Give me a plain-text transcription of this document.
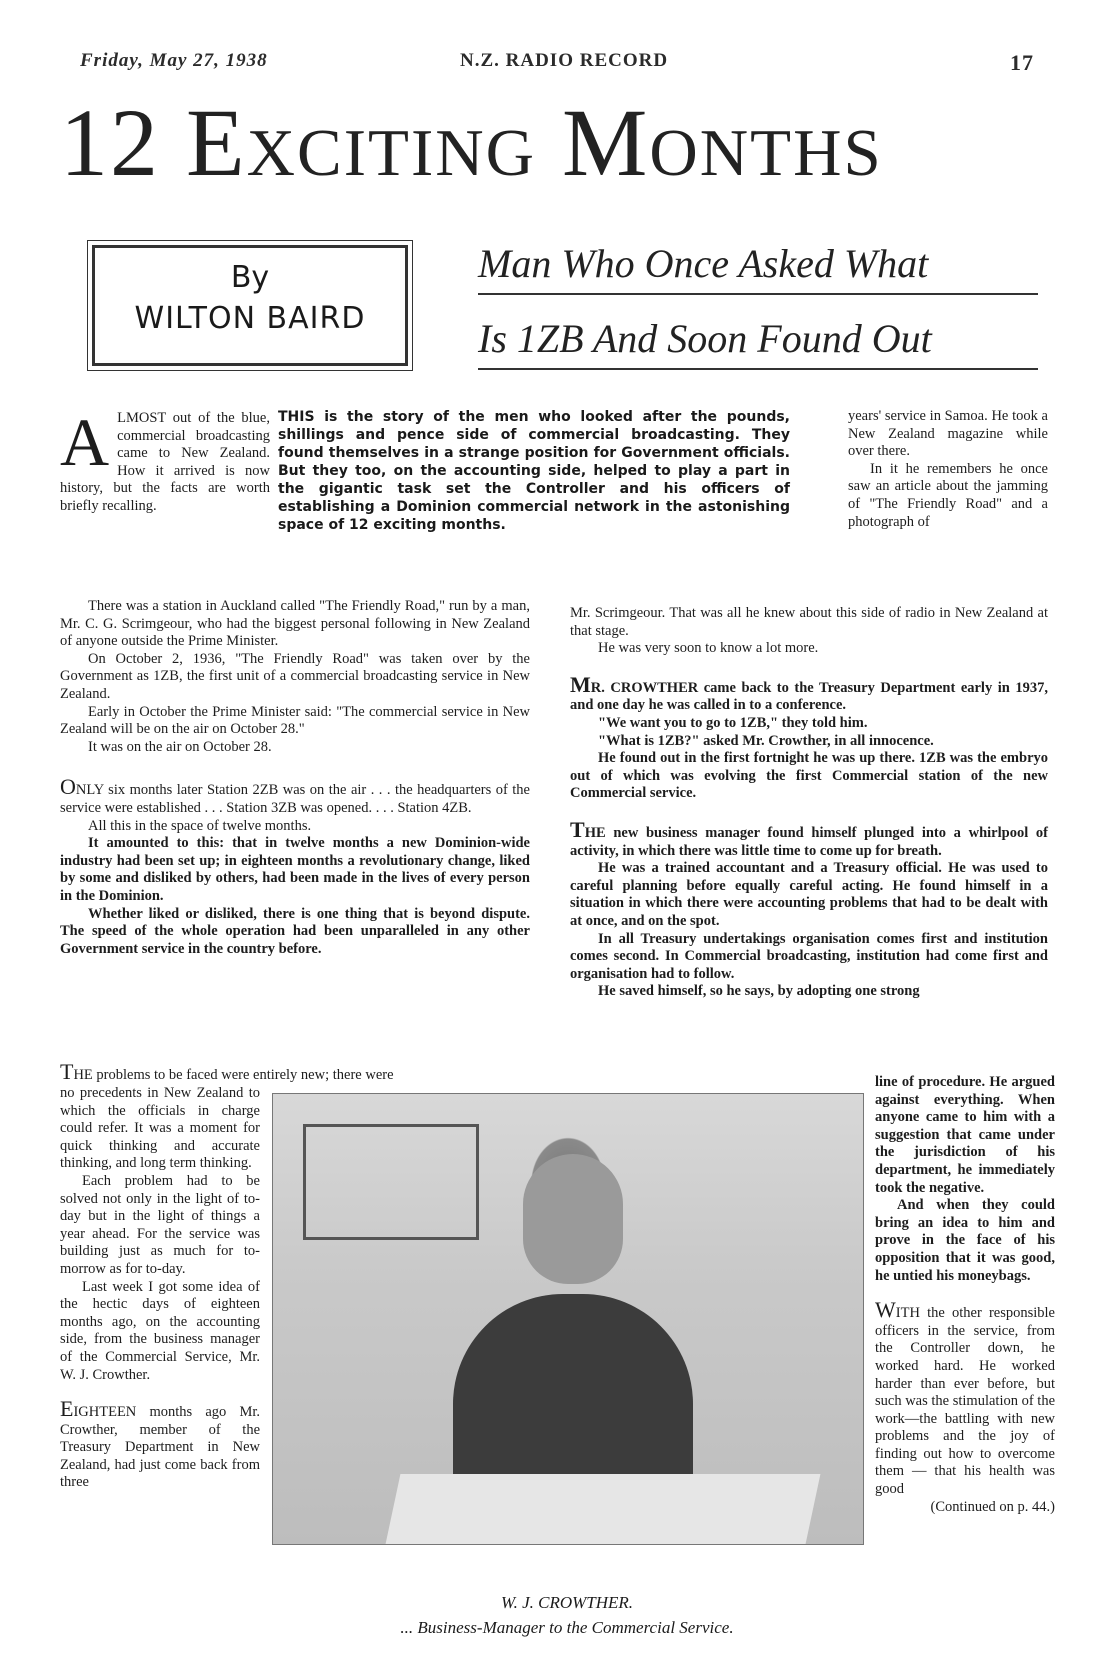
Friday, May 27, 1938	N.Z. RADIO RECORD	17
12 Exciting Months
By
WILTON BAIRD
Man Who Once Asked What
Is 1ZB And Soon Found Out

ALMOST out of the blue, commercial broadcasting came to New Zealand. How it arrived is now history, but the facts are worth briefly recalling.

THIS is the story of the men who looked after the pounds, shillings and pence side of commercial broadcasting. They found themselves in a strange position for Government officials. But they too, on the accounting side, helped to play a part in the gigantic task set the Controller and his officers of establishing a Dominion commercial network in the astonishing space of 12 exciting months.

There was a station in Auckland called "The Friendly Road," run by a man, Mr. C. G. Scrimgeour, who had the biggest personal following in New Zealand of anyone outside the Prime Minister.

On October 2, 1936, "The Friendly Road" was taken over by the Government as 1ZB, the first unit of a commercial broadcasting service in New Zealand.

Early in October the Prime Minister said: "The commercial service in New Zealand will be on the air on October 28."

It was on the air on October 28.

ONLY six months later Station 2ZB was on the air . . . the headquarters of the service were established . . . Station 3ZB was opened. . . . Station 4ZB.

All this in the space of twelve months.

It amounted to this: that in twelve months a new Dominion-wide industry had been set up; in eighteen months a revolutionary change, liked by some and disliked by others, had been made in the lives of every person in the Dominion.

Whether liked or disliked, there is one thing that is beyond dispute. The speed of the whole operation had been unparalleled in any other Government service in the country before.

THE problems to be faced were entirely new; there were

no precedents in New Zealand to which the officials in charge could refer. It was a moment for quick thinking and accurate thinking, and long term thinking.

Each problem had to be solved not only in the light of to-day but in the light of things a year ahead. For the service was building just as much for to-morrow as for to-day.

Last week I got some idea of the hectic days of eighteen months ago, on the accounting side, from the business manager of the Commercial Service, Mr. W. J. Crowther.

EIGHTEEN months ago Mr. Crowther, member of the Treasury Department in New Zealand, had just come back from three

years' service in Samoa. He took a New Zealand magazine while over there.

In it he remembers he once saw an article about the jamming of "The Friendly Road" and a photograph of

Mr. Scrimgeour. That was all he knew about this side of radio in New Zealand at that stage.

He was very soon to know a lot more.

MR. CROWTHER came back to the Treasury Department early in 1937, and one day he was called in to a conference.

"We want you to go to 1ZB," they told him.

"What is 1ZB?" asked Mr. Crowther, in all innocence.

He found out in the first fortnight he was up there. 1ZB was the embryo out of which was evolving the first Commercial station of the new Commercial service.

THE new business manager found himself plunged into a whirlpool of activity, in which there was little time to come up for breath.

He was a trained accountant and a Treasury official. He was used to careful planning before equally careful acting. He found himself in a situation in which there were accounting problems that had to be dealt with at once, and on the spot.

In all Treasury undertakings organisation comes first and institution comes second. In Commercial broadcasting, institution had come first and organisation had to follow.

He saved himself, so he says, by adopting one strong

line of procedure. He argued against everything. When anyone came to him with a suggestion that came under the jurisdiction of his department, he immediately took the negative.

And when they could bring an idea to him and prove in the face of his opposition that it was good, he untied his moneybags.

WITH the other responsible officers in the service, from the Controller down, he worked hard. He worked harder than ever before, but such was the stimulation of the work—the battling with new problems and the joy of finding out how to overcome them — that his health was good

(Continued on p. 44.)

W. J. CROWTHER.
... Business-Manager to the Commercial Service.
